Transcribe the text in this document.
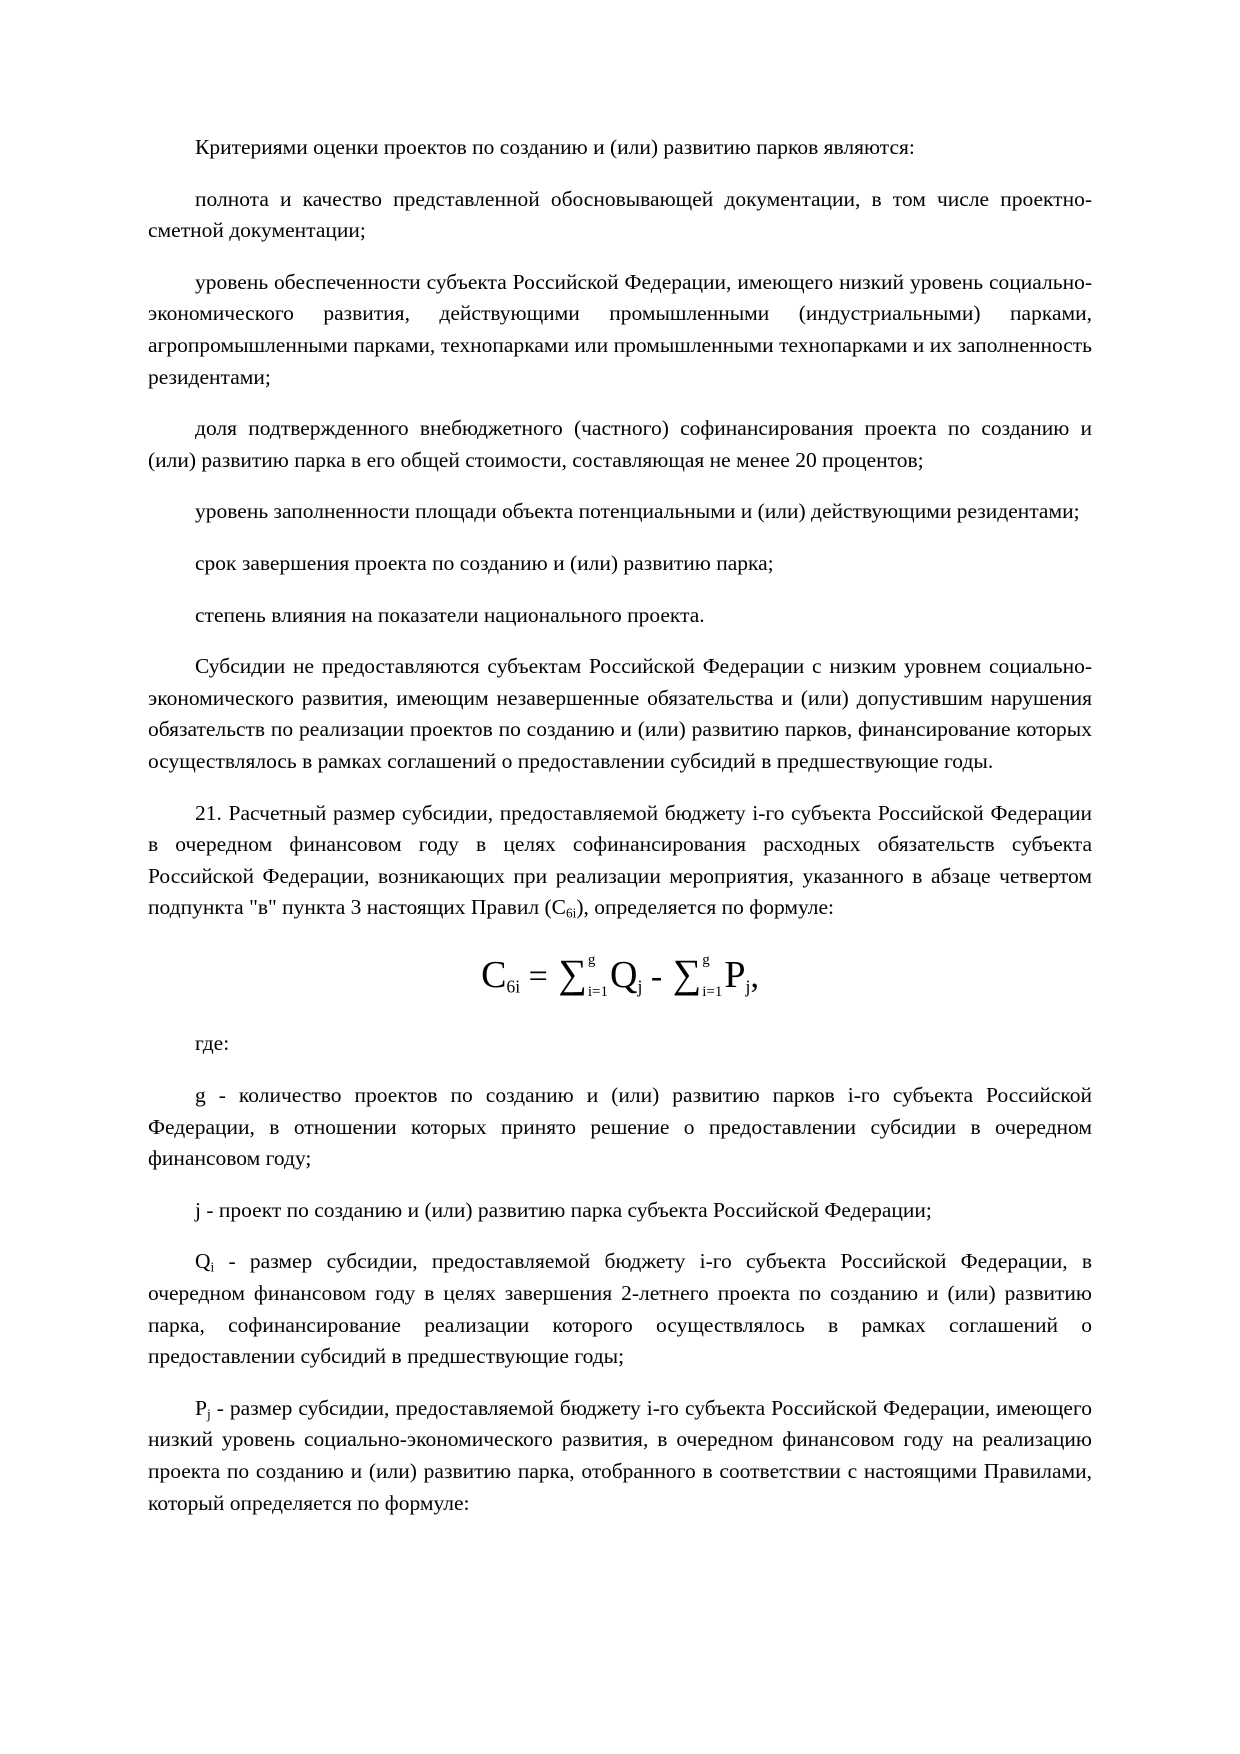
Критериями оценки проектов по созданию и (или) развитию парков являются:

полнота и качество представленной обосновывающей документации, в том числе проектно-сметной документации;

уровень обеспеченности субъекта Российской Федерации, имеющего низкий уровень социально-экономического развития, действующими промышленными (индустриальными) парками, агропромышленными парками, технопарками или промышленными технопарками и их заполненность резидентами;

доля подтвержденного внебюджетного (частного) софинансирования проекта по созданию и (или) развитию парка в его общей стоимости, составляющая не менее 20 процентов;

уровень заполненности площади объекта потенциальными и (или) действующими резидентами;

срок завершения проекта по созданию и (или) развитию парка;

степень влияния на показатели национального проекта.

Субсидии не предоставляются субъектам Российской Федерации с низким уровнем социально-экономического развития, имеющим незавершенные обязательства и (или) допустившим нарушения обязательств по реализации проектов по созданию и (или) развитию парков, финансирование которых осуществлялось в рамках соглашений о предоставлении субсидий в предшествующие годы.

21. Расчетный размер субсидии, предоставляемой бюджету i-го субъекта Российской Федерации в очередном финансовом году в целях софинансирования расходных обязательств субъекта Российской Федерации, возникающих при реализации мероприятия, указанного в абзаце четвертом подпункта "в" пункта 3 настоящих Правил $(С_{6i})$, определяется по формуле:

$С_{6i}$ = ∑ g
i=1 $Q_j$ - ∑ g
i=1 $P_j$,

где:

g - количество проектов по созданию и (или) развитию парков i-го субъекта Российской Федерации, в отношении которых принято решение о предоставлении субсидии в очередном финансовом году;

j - проект по созданию и (или) развитию парка субъекта Российской Федерации;

$Q_i$ - размер субсидии, предоставляемой бюджету i-го субъекта Российской Федерации, в очередном финансовом году в целях завершения 2-летнего проекта по созданию и (или) развитию парка, софинансирование реализации которого осуществлялось в рамках соглашений о предоставлении субсидий в предшествующие годы;

$P_j$ - размер субсидии, предоставляемой бюджету i-го субъекта Российской Федерации, имеющего низкий уровень социально-экономического развития, в очередном финансовом году на реализацию проекта по созданию и (или) развитию парка, отобранного в соответствии с настоящими Правилами, который определяется по формуле:
